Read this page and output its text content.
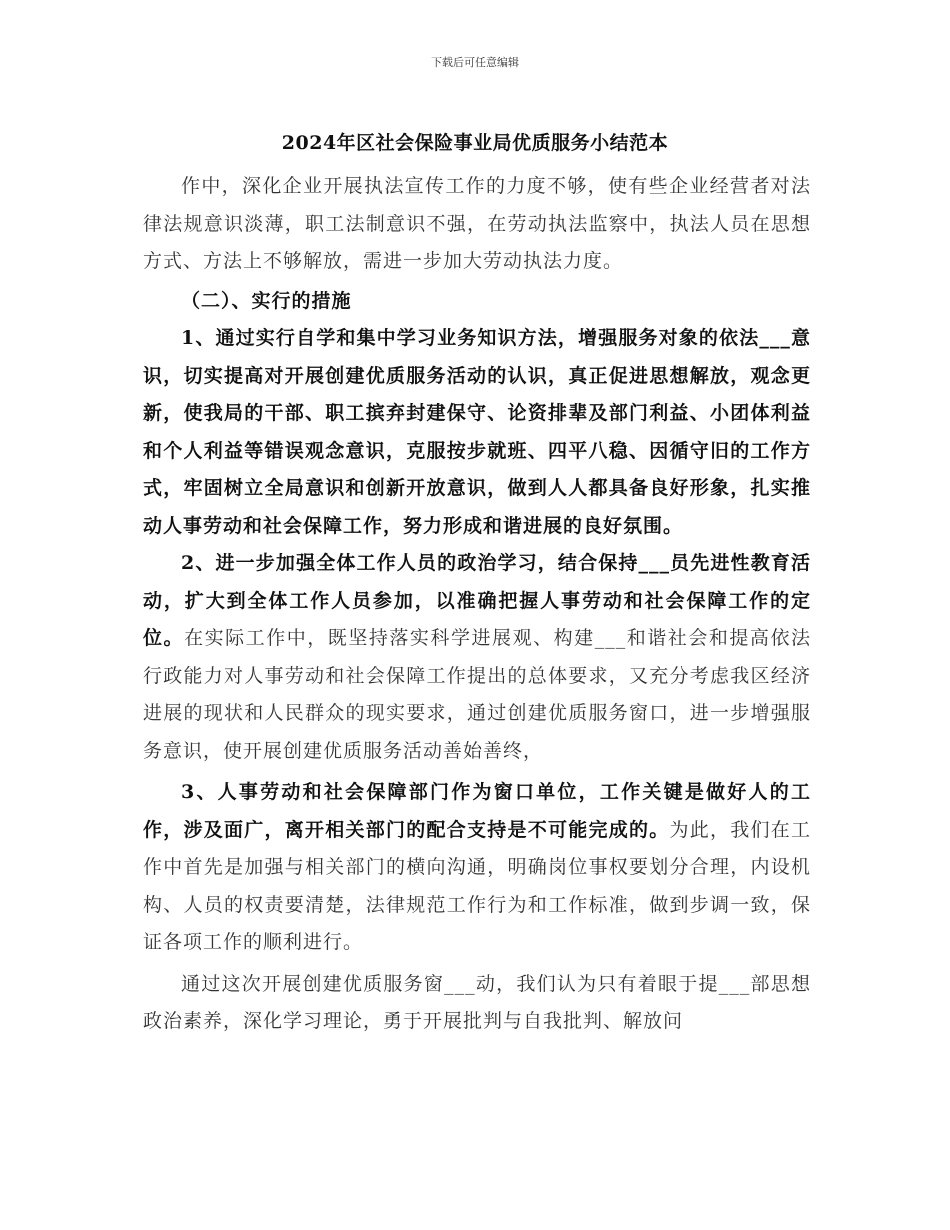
下载后可任意编辑
2024年区社会保险事业局优质服务小结范本

作中，深化企业开展执法宣传工作的力度不够，使有些企业经营者对法律法规意识淡薄，职工法制意识不强，在劳动执法监察中，执法人员在思想方式、方法上不够解放，需进一步加大劳动执法力度。

（二）、实行的措施

1、通过实行自学和集中学习业务知识方法，增强服务对象的依法___意识，切实提高对开展创建优质服务活动的认识，真正促进思想解放，观念更新，使我局的干部、职工摈弃封建保守、论资排辈及部门利益、小团体利益和个人利益等错误观念意识，克服按步就班、四平八稳、因循守旧的工作方式，牢固树立全局意识和创新开放意识，做到人人都具备良好形象，扎实推动人事劳动和社会保障工作，努力形成和谐进展的良好氛围。

2、进一步加强全体工作人员的政治学习，结合保持___员先进性教育活动，扩大到全体工作人员参加，以准确把握人事劳动和社会保障工作的定位。在实际工作中，既坚持落实科学进展观、构建___和谐社会和提高依法行政能力对人事劳动和社会保障工作提出的总体要求，又充分考虑我区经济进展的现状和人民群众的现实要求，通过创建优质服务窗口，进一步增强服务意识，使开展创建优质服务活动善始善终，

3、人事劳动和社会保障部门作为窗口单位，工作关键是做好人的工作，涉及面广，离开相关部门的配合支持是不可能完成的。为此，我们在工作中首先是加强与相关部门的横向沟通，明确岗位事权要划分合理，内设机构、人员的权责要清楚，法律规范工作行为和工作标准，做到步调一致，保证各项工作的顺利进行。

通过这次开展创建优质服务窗___动，我们认为只有着眼于提___部思想政治素养，深化学习理论，勇于开展批判与自我批判、解放问
